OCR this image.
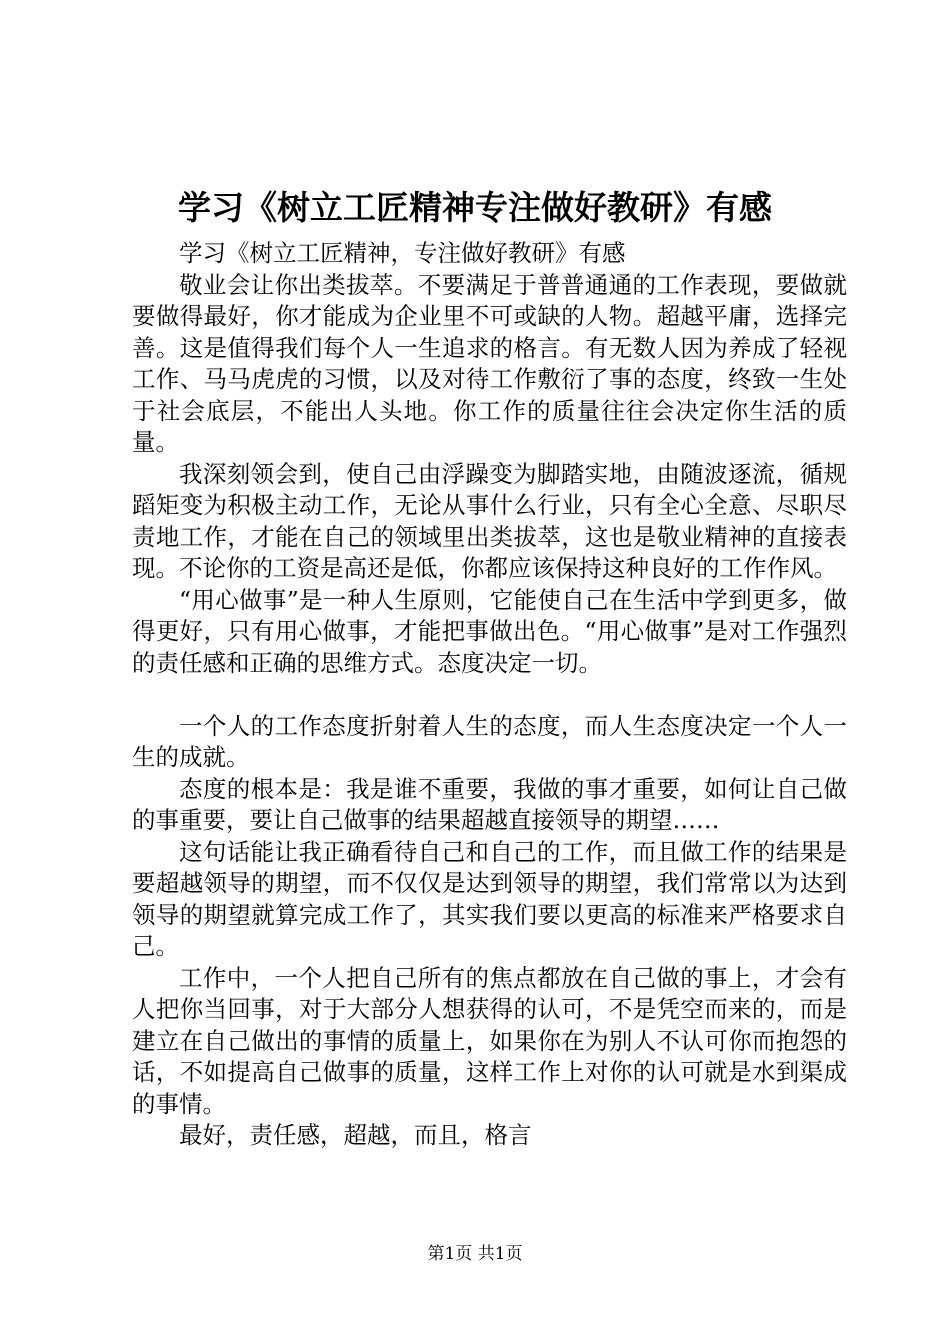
学习《树立工匠精神专注做好教研》有感

学习《树立工匠精神，专注做好教研》有感

敬业会让你出类拔萃。不要满足于普普通通的工作表现，要做就要做得最好，你才能成为企业里不可或缺的人物。超越平庸，选择完善。这是值得我们每个人一生追求的格言。有无数人因为养成了轻视工作、马马虎虎的习惯，以及对待工作敷衍了事的态度，终致一生处于社会底层，不能出人头地。你工作的质量往往会决定你生活的质量。

我深刻领会到，使自己由浮躁变为脚踏实地，由随波逐流，循规蹈矩变为积极主动工作，无论从事什么行业，只有全心全意、尽职尽责地工作，才能在自己的领域里出类拔萃，这也是敬业精神的直接表现。不论你的工资是高还是低，你都应该保持这种良好的工作作风。

“用心做事”是一种人生原则，它能使自己在生活中学到更多，做得更好，只有用心做事，才能把事做出色。“用心做事”是对工作强烈的责任感和正确的思维方式。态度决定一切。

一个人的工作态度折射着人生的态度，而人生态度决定一个人一生的成就。

态度的根本是：我是谁不重要，我做的事才重要，如何让自己做的事重要，要让自己做事的结果超越直接领导的期望……

这句话能让我正确看待自己和自己的工作，而且做工作的结果是要超越领导的期望，而不仅仅是达到领导的期望，我们常常以为达到领导的期望就算完成工作了，其实我们要以更高的标准来严格要求自己。

工作中，一个人把自己所有的焦点都放在自己做的事上，才会有人把你当回事，对于大部分人想获得的认可，不是凭空而来的，而是建立在自己做出的事情的质量上，如果你在为别人不认可你而抱怨的话，不如提高自己做事的质量，这样工作上对你的认可就是水到渠成的事情。

最好，责任感，超越，而且，格言

第1页 共1页
